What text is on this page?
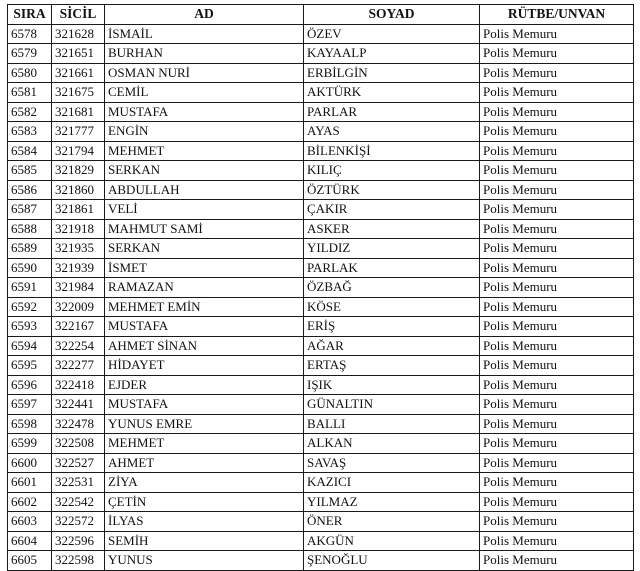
SIRA	SİCİL	AD	SOYAD	RÜTBE/UNVAN
6578	321628	İSMAİL	ÖZEV	Polis Memuru
6579	321651	BURHAN	KAYAALP	Polis Memuru
6580	321661	OSMAN NURİ	ERBİLGİN	Polis Memuru
6581	321675	CEMİL	AKTÜRK	Polis Memuru
6582	321681	MUSTAFA	PARLAR	Polis Memuru
6583	321777	ENGİN	AYAS	Polis Memuru
6584	321794	MEHMET	BİLENKİŞİ	Polis Memuru
6585	321829	SERKAN	KILIÇ	Polis Memuru
6586	321860	ABDULLAH	ÖZTÜRK	Polis Memuru
6587	321861	VELİ	ÇAKIR	Polis Memuru
6588	321918	MAHMUT SAMİ	ASKER	Polis Memuru
6589	321935	SERKAN	YILDIZ	Polis Memuru
6590	321939	İSMET	PARLAK	Polis Memuru
6591	321984	RAMAZAN	ÖZBAĞ	Polis Memuru
6592	322009	MEHMET EMİN	KÖSE	Polis Memuru
6593	322167	MUSTAFA	ERİŞ	Polis Memuru
6594	322254	AHMET SİNAN	AĞAR	Polis Memuru
6595	322277	HİDAYET	ERTAŞ	Polis Memuru
6596	322418	EJDER	IŞIK	Polis Memuru
6597	322441	MUSTAFA	GÜNALTIN	Polis Memuru
6598	322478	YUNUS EMRE	BALLI	Polis Memuru
6599	322508	MEHMET	ALKAN	Polis Memuru
6600	322527	AHMET	SAVAŞ	Polis Memuru
6601	322531	ZİYA	KAZICI	Polis Memuru
6602	322542	ÇETİN	YILMAZ	Polis Memuru
6603	322572	İLYAS	ÖNER	Polis Memuru
6604	322596	SEMİH	AKGÜN	Polis Memuru
6605	322598	YUNUS	ŞENOĞLU	Polis Memuru
